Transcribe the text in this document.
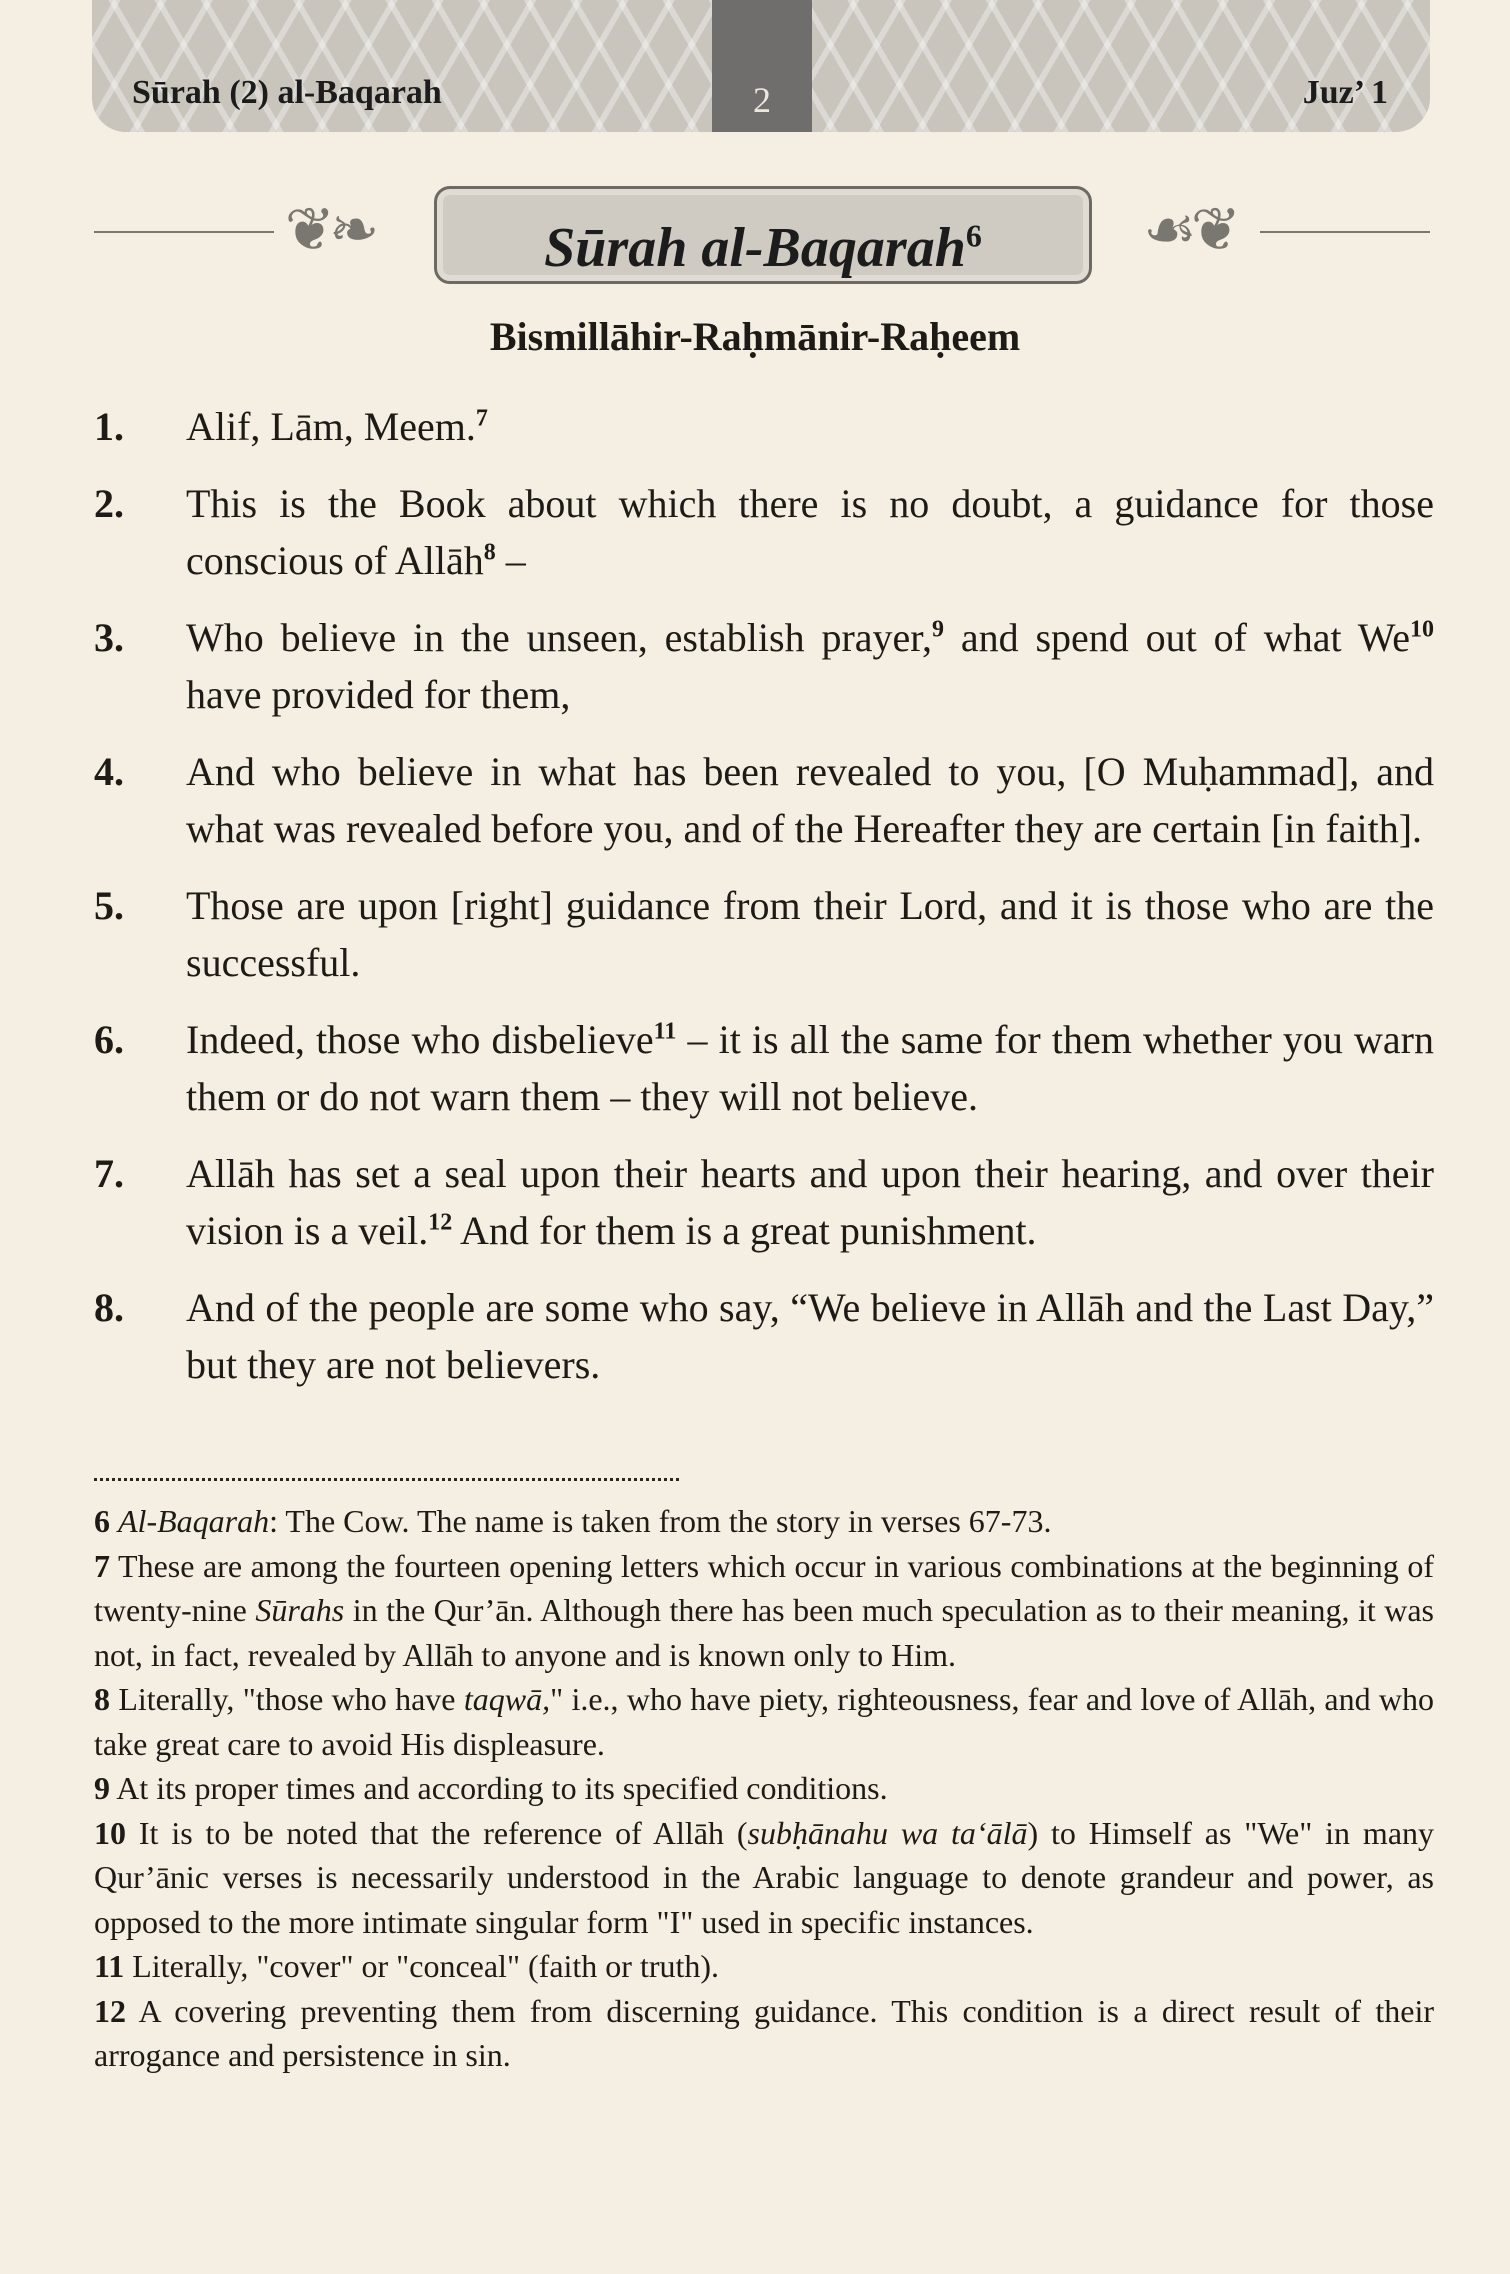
Sūrah (2) al-Baqarah	2	Juz’ 1
❦❧	☙❦
Sūrah al-Baqarah$^6$
Bismillāhir-Raḥmānir-Raḥeem
1.	Alif, Lām, Meem.$^7$
2.	This is the Book about which there is no doubt, a guidance for those conscious of Allāh$^8$ –
3.	Who believe in the unseen, establish prayer,$^9$ and spend out of what We$^{10}$ have provided for them,
4.	And who believe in what has been revealed to you, [O Muḥammad], and what was revealed before you, and of the Hereafter they are certain [in faith].
5.	Those are upon [right] guidance from their Lord, and it is those who are the successful.
6.	Indeed, those who disbelieve$^{11}$ – it is all the same for them whether you warn them or do not warn them – they will not believe.
7.	Allāh has set a seal upon their hearts and upon their hearing, and over their vision is a veil.$^{12}$ And for them is a great punishment.
8.	And of the people are some who say, “We believe in Allāh and the Last Day,” but they are not believers.
6 Al-Baqarah: The Cow. The name is taken from the story in verses 67-73.
7 These are among the fourteen opening letters which occur in various combinations at the beginning of twenty-nine Sūrahs in the Qur’ān. Although there has been much speculation as to their meaning, it was not, in fact, revealed by Allāh to anyone and is known only to Him.
8 Literally, "those who have taqwā," i.e., who have piety, righteousness, fear and love of Allāh, and who take great care to avoid His displeasure.
9 At its proper times and according to its specified conditions.
10 It is to be noted that the reference of Allāh (subḥānahu wa ta‘ālā) to Himself as "We" in many Qur’ānic verses is necessarily understood in the Arabic language to denote grandeur and power, as opposed to the more intimate singular form "I" used in specific instances.
11 Literally, "cover" or "conceal" (faith or truth).
12 A covering preventing them from discerning guidance. This condition is a direct result of their arrogance and persistence in sin.
